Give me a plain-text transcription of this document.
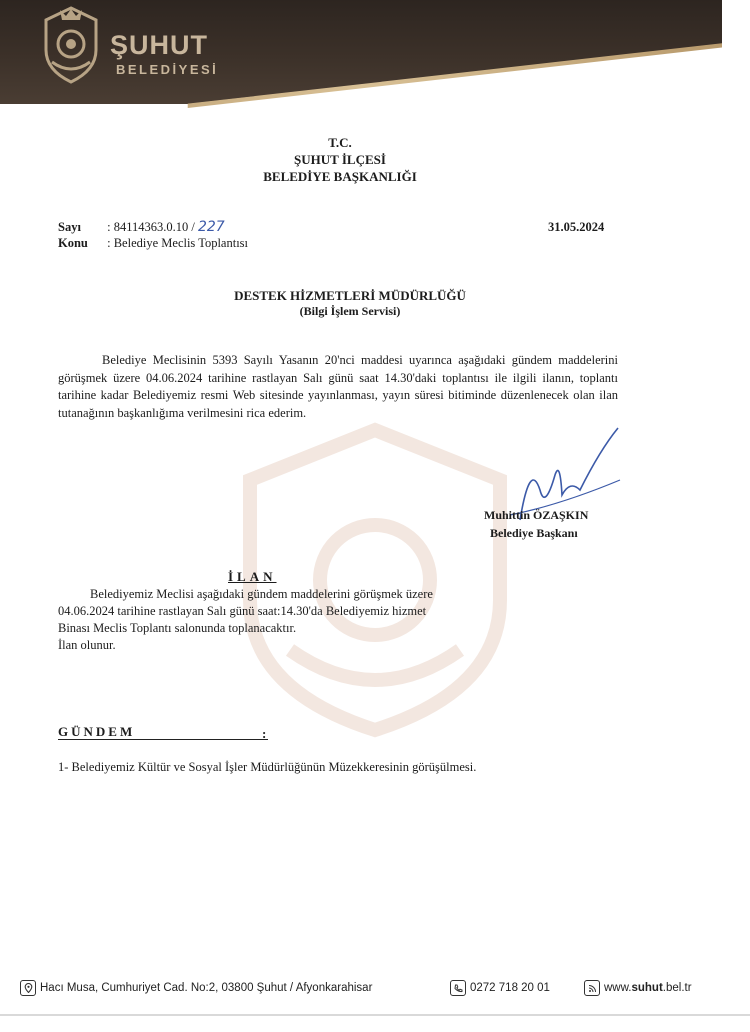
ŞUHUT
BELEDİYESİ
T.C.
ŞUHUT İLÇESİ
BELEDİYE BAŞKANLIĞI
Sayı : 84114363.0.10 / 227
Konu : Belediye Meclis Toplantısı
31.05.2024
DESTEK HİZMETLERİ MÜDÜRLÜĞÜ
(Bilgi İşlem Servisi)
Belediye Meclisinin 5393 Sayılı Yasanın 20'nci maddesi uyarınca aşağıdaki gündem maddelerini görüşmek üzere 04.06.2024 tarihine rastlayan Salı günü saat 14.30'daki toplantısı ile ilgili ilanın, toplantı tarihine kadar Belediyemiz resmi Web sitesinde yayınlanması, yayın süresi bitiminde düzenlenecek olan ilan tutanağının başkanlığıma verilmesini rica ederim.
Muhittin ÖZAŞKIN
Belediye Başkanı
İLAN
Belediyemiz Meclisi aşağıdaki gündem maddelerini görüşmek üzere
04.06.2024 tarihine rastlayan Salı günü saat:14.30'da Belediyemiz hizmet
Binası Meclis Toplantı salonunda toplanacaktır.
İlan olunur.
GÜNDEM	:
1- Belediyemiz Kültür ve Sosyal İşler Müdürlüğünün Müzekkeresinin görüşülmesi.
Hacı Musa, Cumhuriyet Cad. No:2, 03800 Şuhut / Afyonkarahisar	0272 718 20 01	www. suhut .bel.tr
